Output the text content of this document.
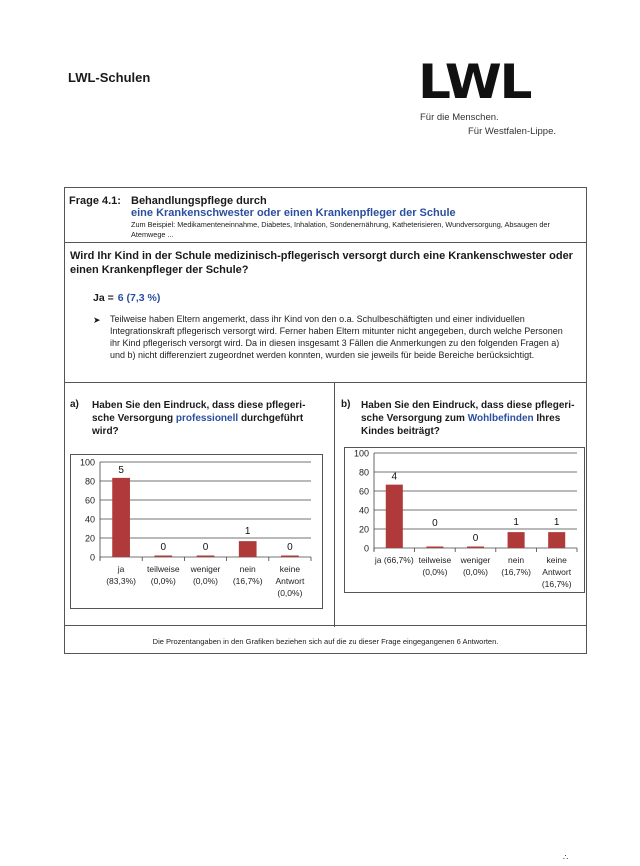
LWL-Schulen	LWL
Für die Menschen.
Für Westfalen-Lippe.
Frage 4.1: Behandlungspflege durch
eine Krankenschwester oder einen Krankenpfleger der Schule
Zum Beispiel: Medikamenteneinnahme, Diabetes, Inhalation, Sondenernährung, Katheterisieren, Wundversorgung, Absaugen der Atemwege ...
Wird Ihr Kind in der Schule medizinisch-pflegerisch versorgt durch eine Krankenschwester oder einen Krankenpfleger der Schule?
Ja = 6 (7,3 %)
➤ Teilweise haben Eltern angemerkt, dass ihr Kind von den o.a. Schulbeschäftigten und einer individuellen Integrationskraft pflegerisch versorgt wird. Ferner haben Eltern mitunter nicht angegeben, durch welche Personen ihr Kind pflegerisch versorgt wird. Da in diesen insgesamt 3 Fällen die Anmerkungen zu den folgenden Fragen a) und b) nicht differenziert zugeordnet werden konnten, wurden sie jeweils für beide Bereiche berücksichtigt.
a) Haben Sie den Eindruck, dass diese pflegeri-sche Versorgung professionell durchgeführt wird?
b) Haben Sie den Eindruck, dass diese pflegeri-sche Versorgung zum Wohlbefinden Ihres Kindes beiträgt?
0
20
40
60
80
100
5
ja
(83,3%)
0
teilweise
(0,0%)
0
weniger
(0,0%)
1
nein
(16,7%)
0
keine
Antwort
(0,0%)
0
20
40
60
80
100
4
ja (66,7%)
0
teilweise
(0,0%)
0
weniger
(0,0%)
1
nein
(16,7%)
1
keine
Antwort
(16,7%)
Die Prozentangaben in den Grafiken beziehen sich auf die zu dieser Frage eingegangenen 6 Antworten.
∴
